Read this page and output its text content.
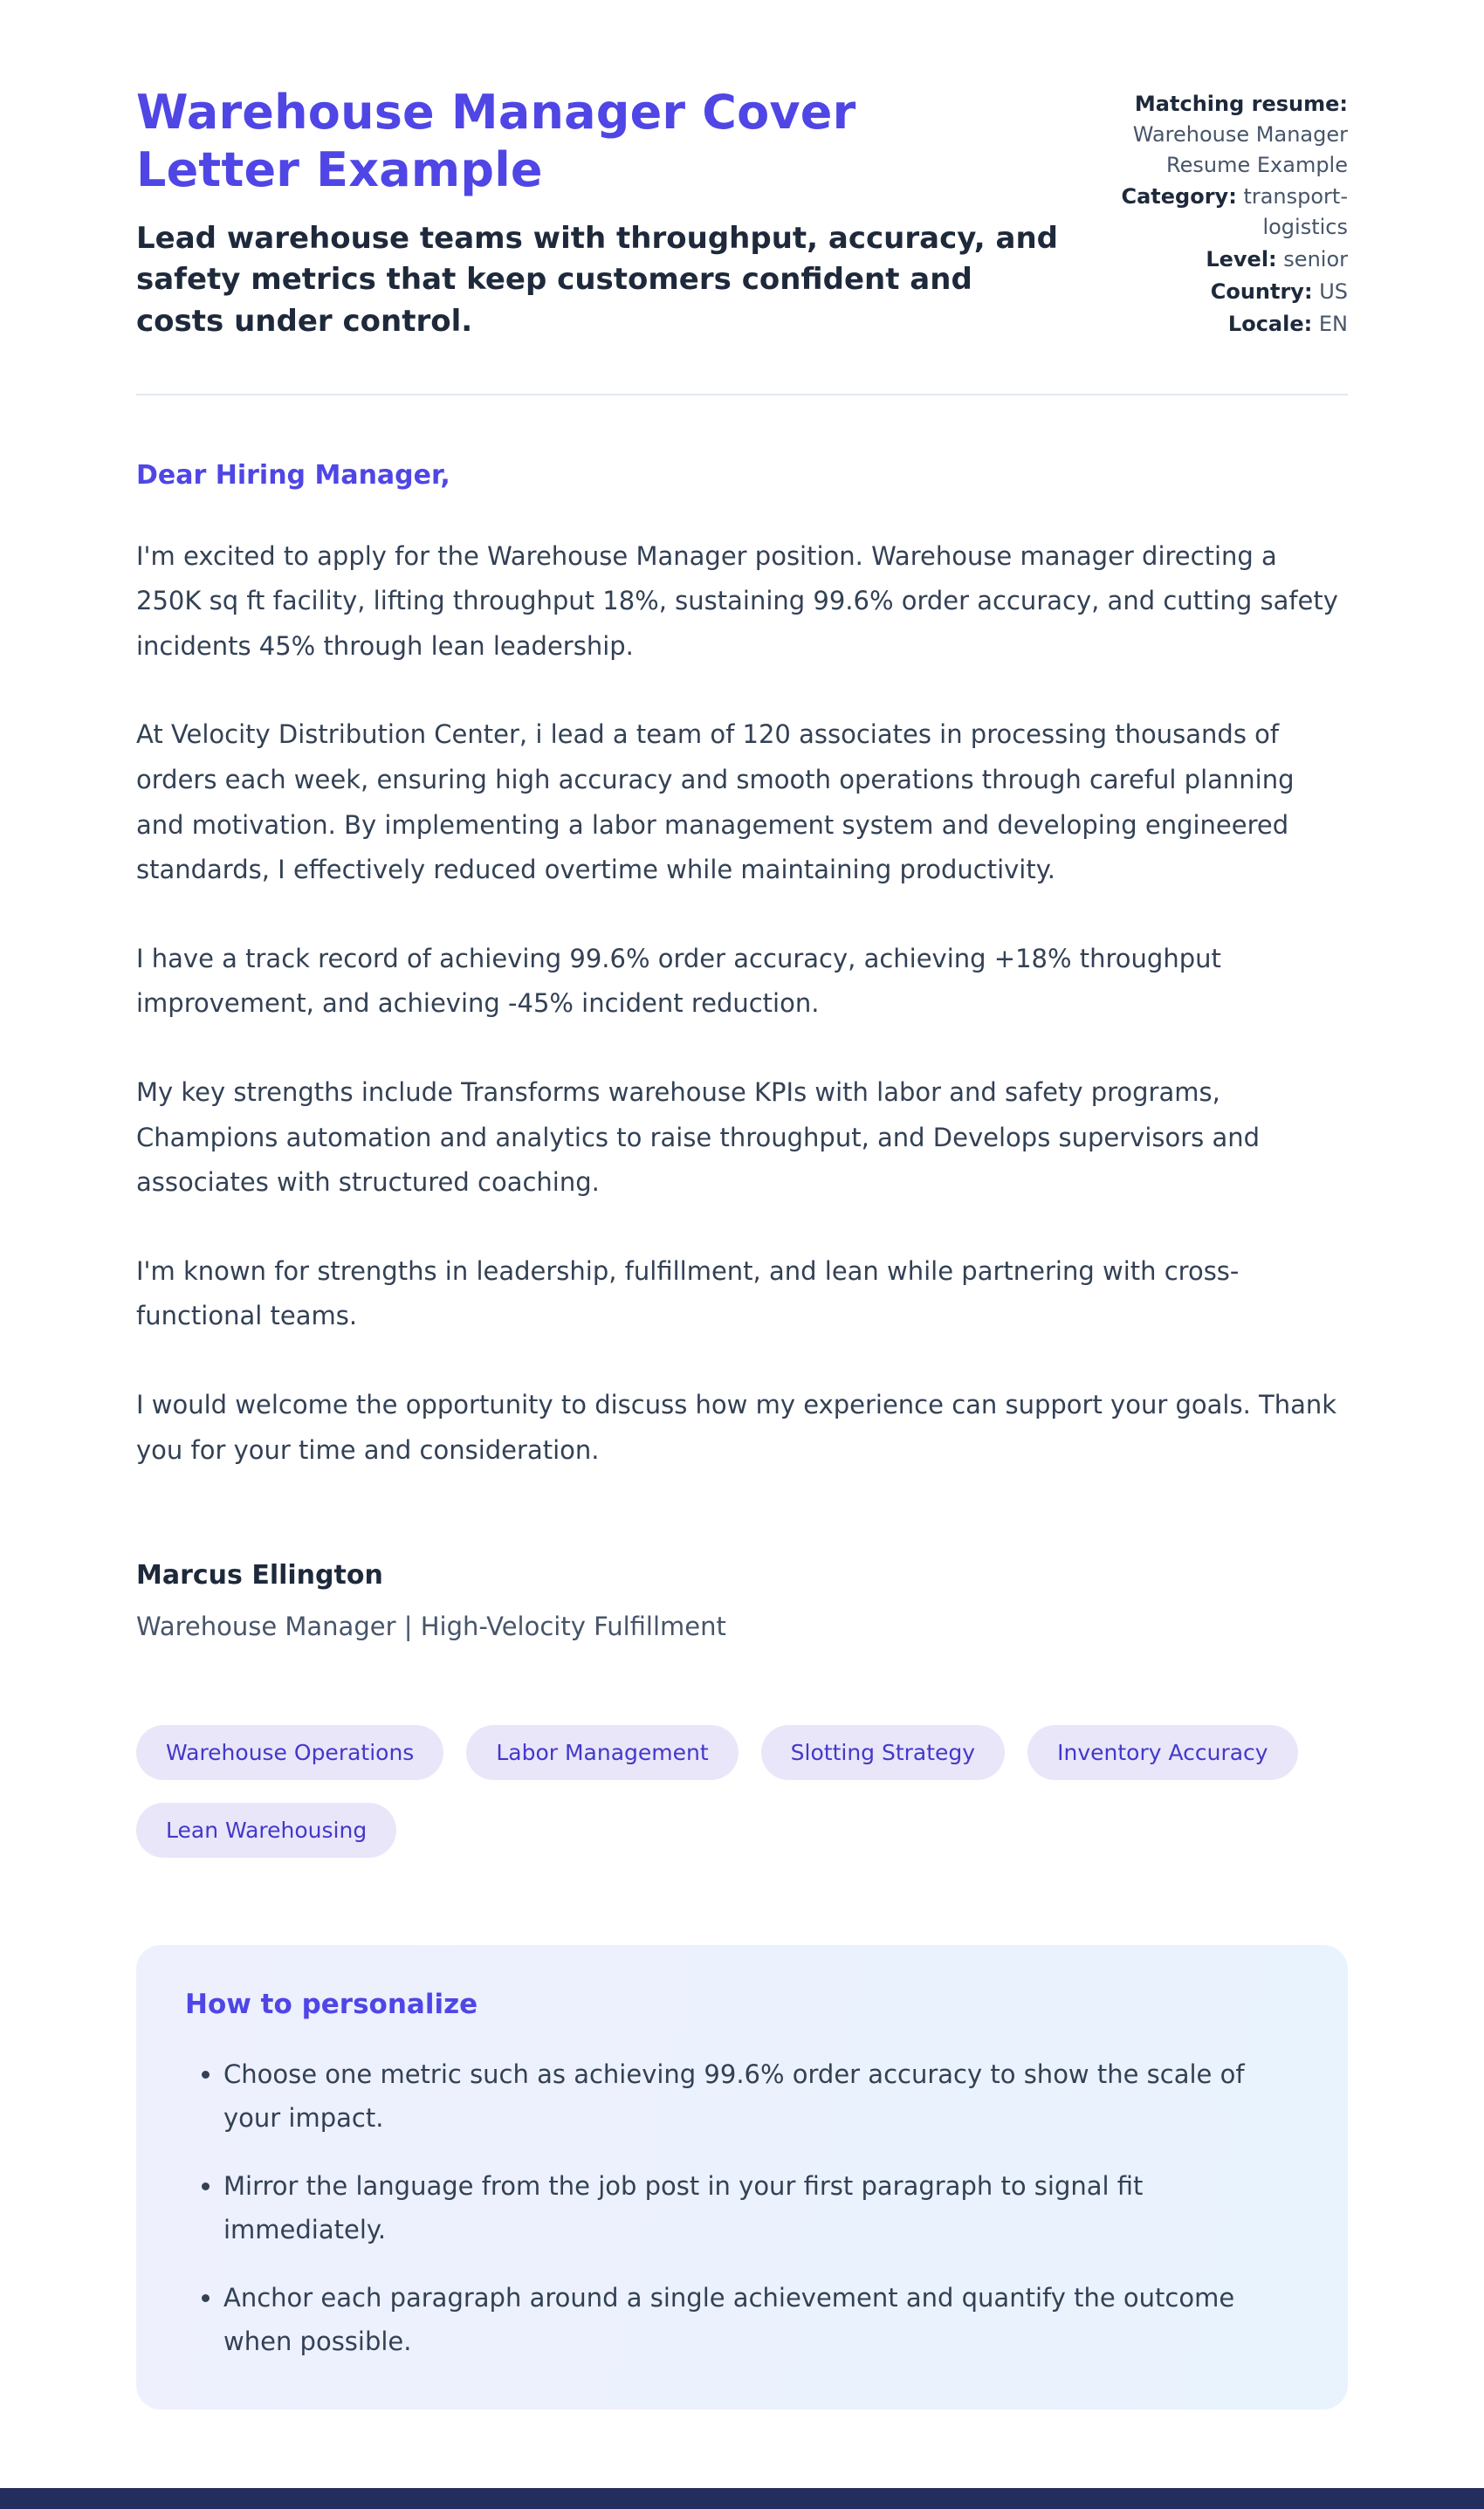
Warehouse Manager Cover Letter Example

Lead warehouse teams with throughput, accuracy, and safety metrics that keep customers confident and costs under control.

Matching resume: Warehouse Manager Resume Example
Category: transport-logistics
Level: senior
Country: US
Locale: EN

Dear Hiring Manager,

I'm excited to apply for the Warehouse Manager position. Warehouse manager directing a 250K sq ft facility, lifting throughput 18%, sustaining 99.6% order accuracy, and cutting safety incidents 45% through lean leadership.

At Velocity Distribution Center, i lead a team of 120 associates in processing thousands of orders each week, ensuring high accuracy and smooth operations through careful planning and motivation. By implementing a labor management system and developing engineered standards, I effectively reduced overtime while maintaining productivity.

I have a track record of achieving 99.6% order accuracy, achieving +18% throughput improvement, and achieving -45% incident reduction.

My key strengths include Transforms warehouse KPIs with labor and safety programs, Champions automation and analytics to raise throughput, and Develops supervisors and associates with structured coaching.

I'm known for strengths in leadership, fulfillment, and lean while partnering with cross-functional teams.

I would welcome the opportunity to discuss how my experience can support your goals. Thank you for your time and consideration.

Marcus Ellington

Warehouse Manager | High-Velocity Fulfillment

Warehouse Operations	Labor Management	Slotting Strategy	Inventory Accuracy
Lean Warehousing
How to personalize
• Choose one metric such as achieving 99.6% order accuracy to show the scale of your impact.
• Mirror the language from the job post in your first paragraph to signal fit immediately.
• Anchor each paragraph around a single achievement and quantify the outcome when possible.
